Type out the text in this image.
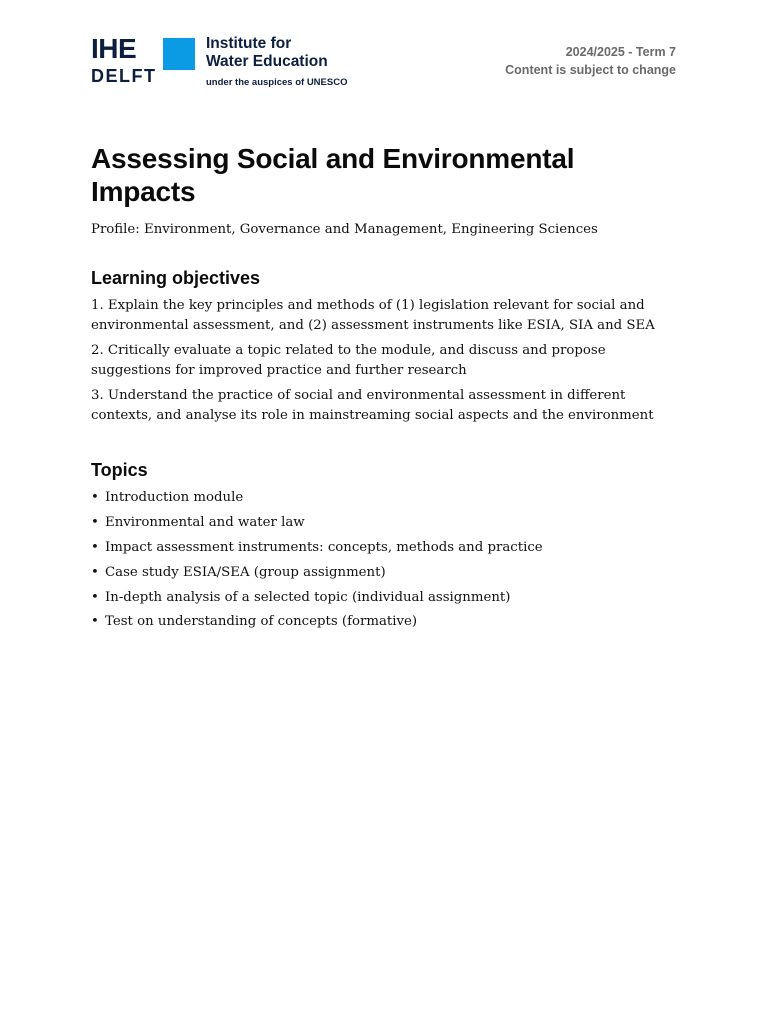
IHE
DELFT
Institute for
Water Education
under the auspices of UNESCO
2024/2025 - Term 7
Content is subject to change
Assessing Social and Environmental Impacts
Profile: Environment, Governance and Management, Engineering Sciences
Learning objectives
1. Explain the key principles and methods of (1) legislation relevant for social and environmental assessment, and (2) assessment instruments like ESIA, SIA and SEA
2. Critically evaluate a topic related to the module, and discuss and propose suggestions for improved practice and further research
3. Understand the practice of social and environmental assessment in different contexts, and analyse its role in mainstreaming social aspects and the environment
Topics
• Introduction module
• Environmental and water law
• Impact assessment instruments: concepts, methods and practice
• Case study ESIA/SEA (group assignment)
• In-depth analysis of a selected topic (individual assignment)
• Test on understanding of concepts (formative)
